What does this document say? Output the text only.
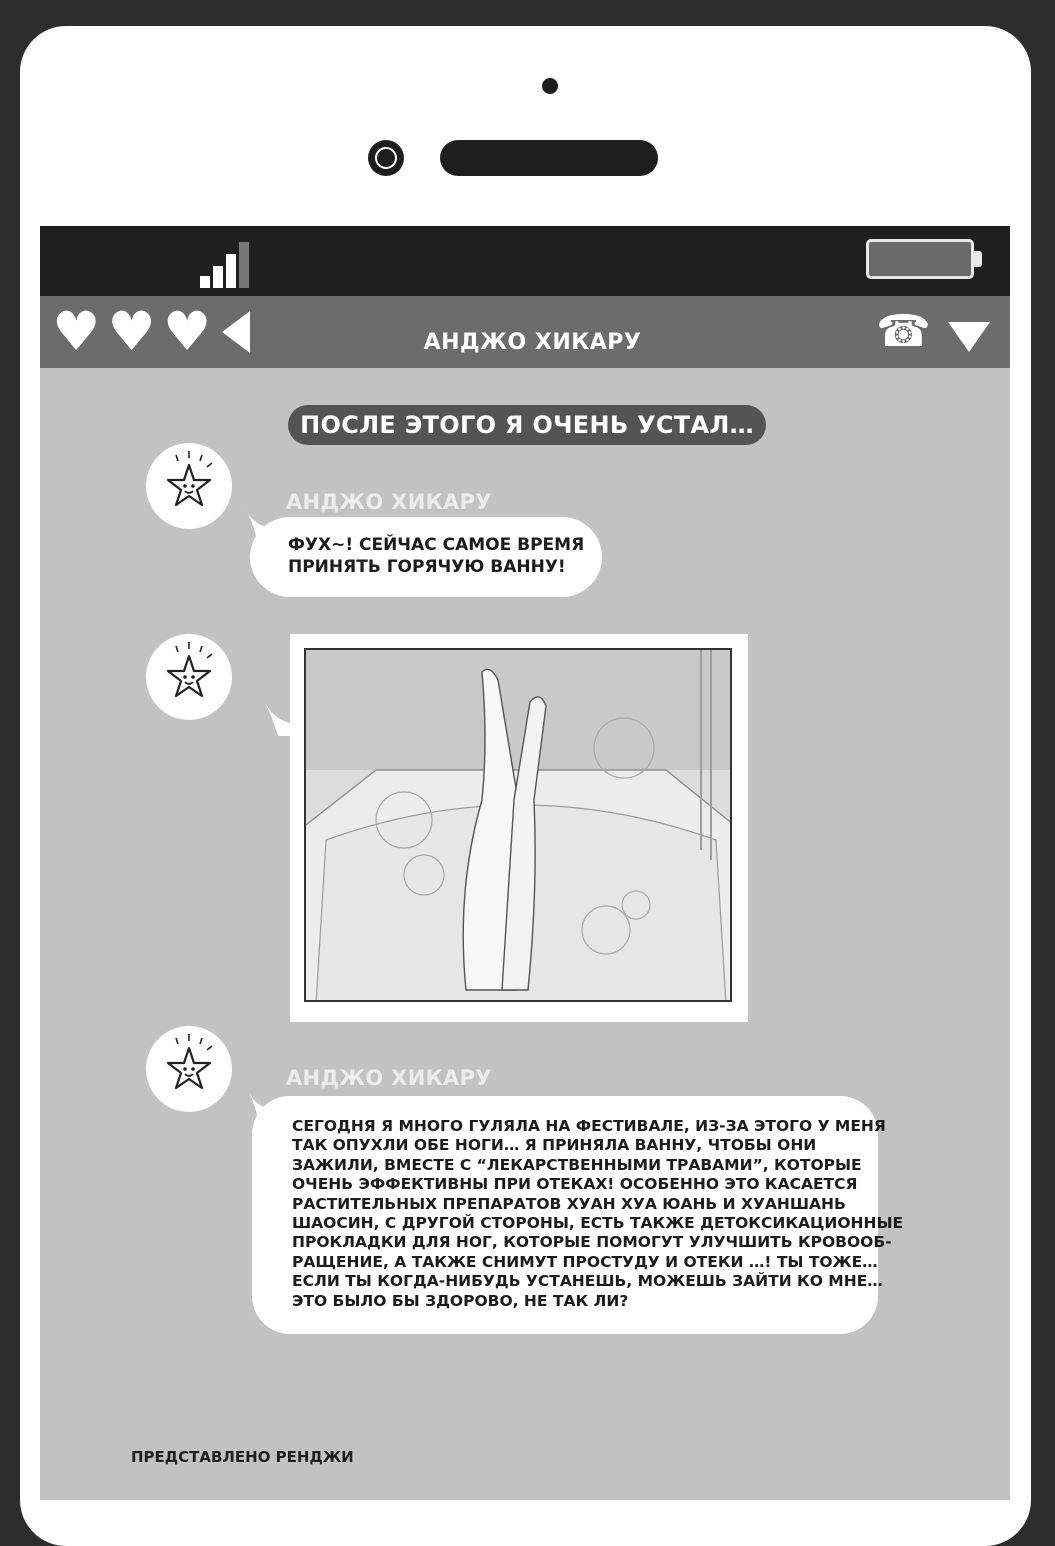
♥ ♥ ♥	АНДЖО ХИКАРУ	☎
ПОСЛЕ ЭТОГО Я ОЧЕНЬ УСТАЛ…
АНДЖО ХИКАРУ
ФУХ~! СЕЙЧАС САМОЕ ВРЕМЯ
ПРИНЯТЬ ГОРЯЧУЮ ВАННУ!
АНДЖО ХИКАРУ
СЕГОДНЯ Я МНОГО ГУЛЯЛА НА ФЕСТИВАЛЕ, ИЗ-ЗА ЭТОГО У МЕНЯ
ТАК ОПУХЛИ ОБЕ НОГИ… Я ПРИНЯЛА ВАННУ, ЧТОБЫ ОНИ
ЗАЖИЛИ, ВМЕСТЕ С “ЛЕКАРСТВЕННЫМИ ТРАВАМИ”, КОТОРЫЕ
ОЧЕНЬ ЭФФЕКТИВНЫ ПРИ ОТЕКАХ! ОСОБЕННО ЭТО КАСАЕТСЯ
РАСТИТЕЛЬНЫХ ПРЕПАРАТОВ ХУАН ХУА ЮАНЬ И ХУАНШАНЬ
ШАОСИН, С ДРУГОЙ СТОРОНЫ, ЕСТЬ ТАКЖЕ ДЕТОКСИКАЦИОННЫЕ
ПРОКЛАДКИ ДЛЯ НОГ, КОТОРЫЕ ПОМОГУТ УЛУЧШИТЬ КРОВООБ-
РАЩЕНИЕ, А ТАКЖЕ СНИМУТ ПРОСТУДУ И ОТЕКИ …! ТЫ ТОЖЕ…
ЕСЛИ ТЫ КОГДА-НИБУДЬ УСТАНЕШЬ, МОЖЕШЬ ЗАЙТИ КО МНЕ…
ЭТО БЫЛО БЫ ЗДОРОВО, НЕ ТАК ЛИ?
ПРЕДСТАВЛЕНО РЕНДЖИ
